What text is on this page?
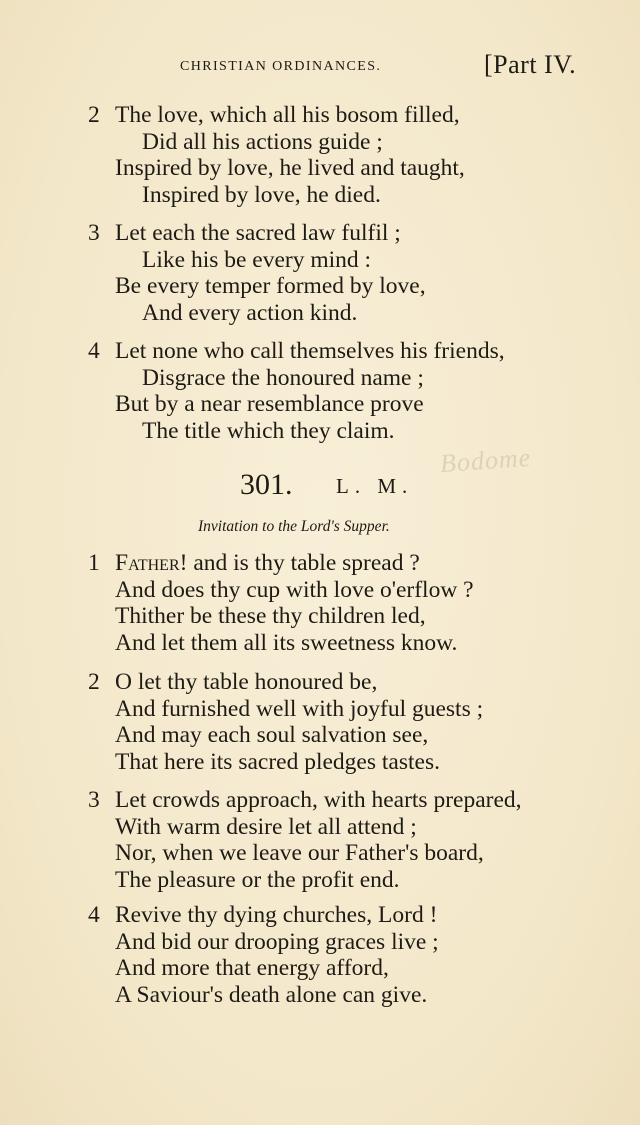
CHRISTIAN ORDINANCES.	[Part IV.
2 The love, which all his bosom filled,
Did all his actions guide ;
Inspired by love, he lived and taught,
Inspired by love, he died.
3 Let each the sacred law fulfil ;
Like his be every mind :
Be every temper formed by love,
And every action kind.
4 Let none who call themselves his friends,
Disgrace the honoured name ;
But by a near resemblance prove
The title which they claim.
Bodome
301. L. M.
Invitation to the Lord's Supper.
1 Father! and is thy table spread ?
And does thy cup with love o'erflow ?
Thither be these thy children led,
And let them all its sweetness know.
2 O let thy table honoured be,
And furnished well with joyful guests ;
And may each soul salvation see,
That here its sacred pledges tastes.
3 Let crowds approach, with hearts prepared,
With warm desire let all attend ;
Nor, when we leave our Father's board,
The pleasure or the profit end.
4 Revive thy dying churches, Lord !
And bid our drooping graces live ;
And more that energy afford,
A Saviour's death alone can give.
